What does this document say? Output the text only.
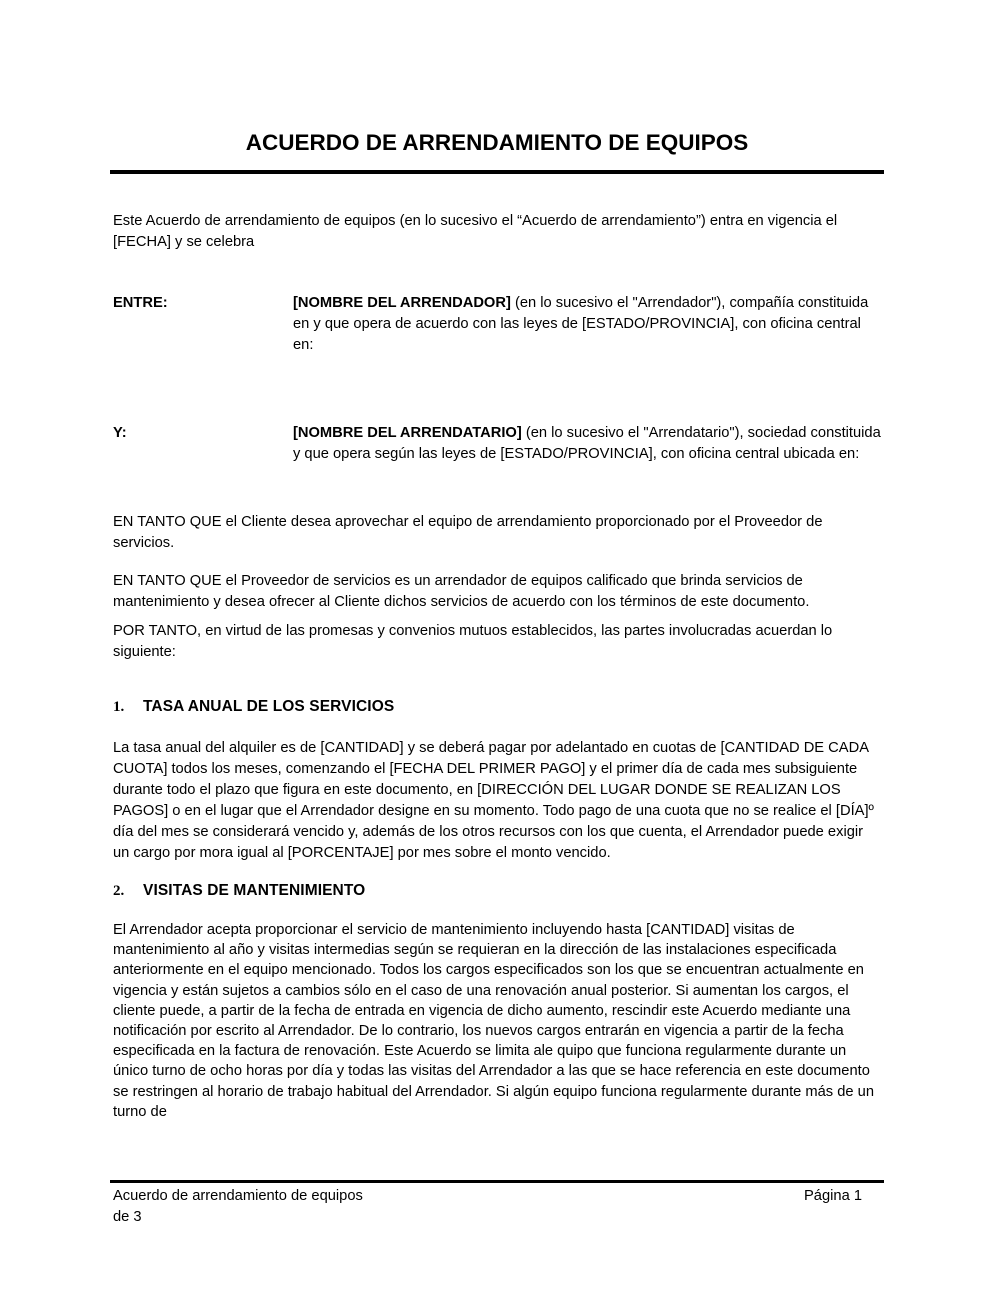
ACUERDO DE ARRENDAMIENTO DE EQUIPOS

Este Acuerdo de arrendamiento de equipos (en lo sucesivo el “Acuerdo de arrendamiento”) entra en vigencia el [FECHA] y se celebra

ENTRE:	[NOMBRE DEL ARRENDADOR] (en lo sucesivo el "Arrendador"), compañía constituida en y que opera de acuerdo con las leyes de [ESTADO/PROVINCIA], con oficina central en:

Y:	[NOMBRE DEL ARRENDATARIO] (en lo sucesivo el "Arrendatario"), sociedad constituida y que opera según las leyes de [ESTADO/PROVINCIA], con oficina central ubicada en:

EN TANTO QUE el Cliente desea aprovechar el equipo de arrendamiento proporcionado por el Proveedor de servicios.

EN TANTO QUE el Proveedor de servicios es un arrendador de equipos calificado que brinda servicios de mantenimiento y desea ofrecer al Cliente dichos servicios de acuerdo con los términos de este documento.

POR TANTO, en virtud de las promesas y convenios mutuos establecidos, las partes involucradas acuerdan lo siguiente:

1.	TASA ANUAL DE LOS SERVICIOS

La tasa anual del alquiler es de [CANTIDAD] y se deberá pagar por adelantado en cuotas de [CANTIDAD DE CADA CUOTA] todos los meses, comenzando el [FECHA DEL PRIMER PAGO] y el primer día de cada mes subsiguiente durante todo el plazo que figura en este documento, en [DIRECCIÓN DEL LUGAR DONDE SE REALIZAN LOS PAGOS] o en el lugar que el Arrendador designe en su momento. Todo pago de una cuota que no se realice el [DÍA]º día del mes se considerará vencido y, además de los otros recursos con los que cuenta, el Arrendador puede exigir un cargo por mora igual al [PORCENTAJE] por mes sobre el monto vencido.

2.	VISITAS DE MANTENIMIENTO

El Arrendador acepta proporcionar el servicio de mantenimiento incluyendo hasta [CANTIDAD] visitas de mantenimiento al año y visitas intermedias según se requieran en la dirección de las instalaciones especificada anteriormente en el equipo mencionado. Todos los cargos especificados son los que se encuentran actualmente en vigencia y están sujetos a cambios sólo en el caso de una renovación anual posterior. Si aumentan los cargos, el cliente puede, a partir de la fecha de entrada en vigencia de dicho aumento, rescindir este Acuerdo mediante una notificación por escrito al Arrendador. De lo contrario, los nuevos cargos entrarán en vigencia a partir de la fecha especificada en la factura de renovación. Este Acuerdo se limita ale quipo que funciona regularmente durante un único turno de ocho horas por día y todas las visitas del Arrendador a las que se hace referencia en este documento se restringen al horario de trabajo habitual del Arrendador. Si algún equipo funciona regularmente durante más de un turno de

Acuerdo de arrendamiento de equipos	Página 1
de 3
